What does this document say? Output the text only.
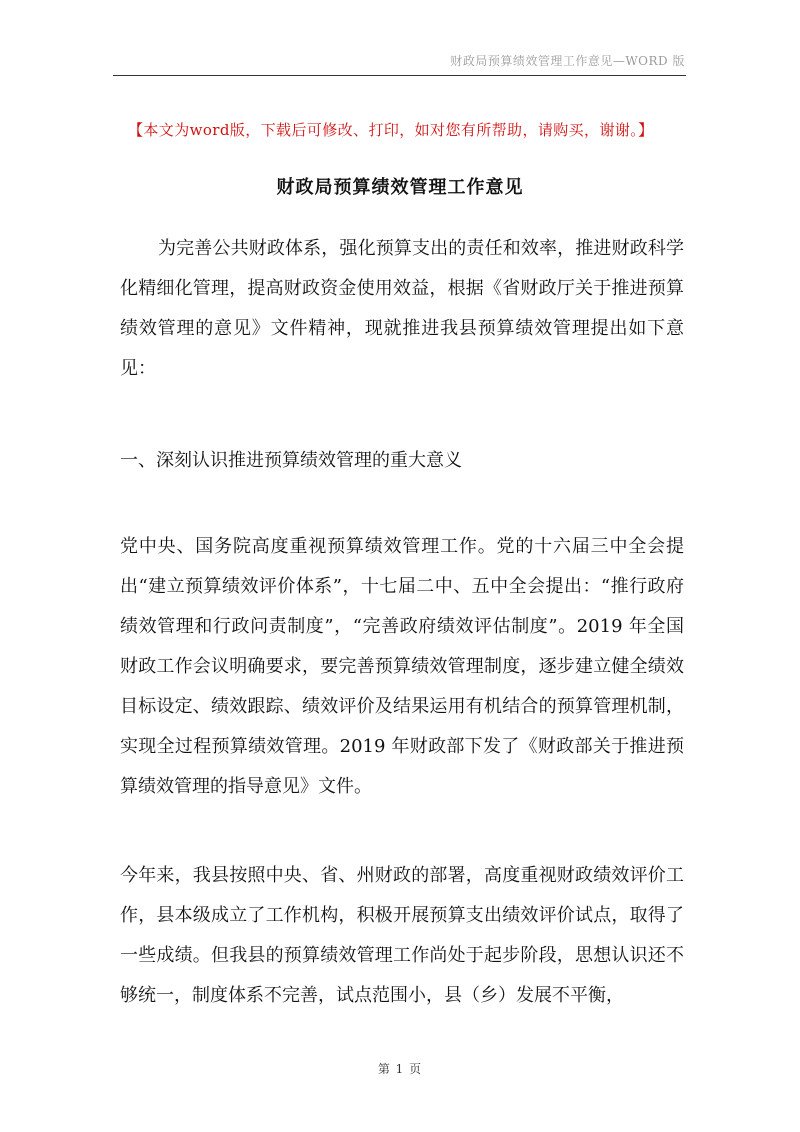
财政局预算绩效管理工作意见—WORD 版
【本文为word版，下载后可修改、打印，如对您有所帮助，请购买，谢谢。】
财政局预算绩效管理工作意见

为完善公共财政体系，强化预算支出的责任和效率，推进财政科学化精细化管理，提高财政资金使用效益，根据《省财政厅关于推进预算绩效管理的意见》文件精神，现就推进我县预算绩效管理提出如下意见：

一、深刻认识推进预算绩效管理的重大意义

党中央、国务院高度重视预算绩效管理工作。党的十六届三中全会提出“建立预算绩效评价体系”，十七届二中、五中全会提出：“推行政府绩效管理和行政问责制度”，“完善政府绩效评估制度”。2019 年全国财政工作会议明确要求，要完善预算绩效管理制度，逐步建立健全绩效目标设定、绩效跟踪、绩效评价及结果运用有机结合的预算管理机制，实现全过程预算绩效管理。2019 年财政部下发了《财政部关于推进预算绩效管理的指导意见》文件。

今年来，我县按照中央、省、州财政的部署，高度重视财政绩效评价工作，县本级成立了工作机构，积极开展预算支出绩效评价试点，取得了一些成绩。但我县的预算绩效管理工作尚处于起步阶段，思想认识还不够统一，制度体系不完善，试点范围小，县（乡）发展不平衡，

第 1 页
